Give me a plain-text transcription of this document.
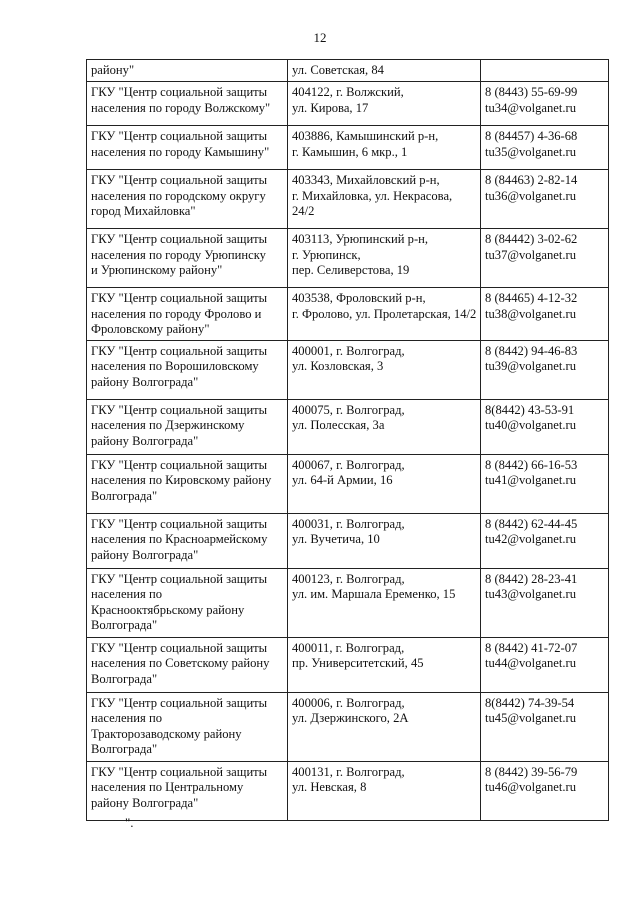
12
районy"	ул. Советская, 84	

ГКУ "Центр социальной защиты
населения по городу Волжскому"	404122, г. Волжский,
ул. Кирова, 17	8 (8443) 55-69-99
tu34@volganet.ru

ГКУ "Центр социальной защиты
населения по городу Камышину"	403886, Камышинский р-н,
г. Камышин, 6 мкр., 1	8 (84457) 4-36-68
tu35@volganet.ru

ГКУ "Центр социальной защиты
населения по городскому округу
город Михайловка"	403343, Михайловский р-н,
г. Михайловка, ул. Некрасова,
24/2	8 (84463) 2-82-14
tu36@volganet.ru

ГКУ "Центр социальной защиты
населения по городу Урюпинску
и Урюпинскому району"	403113, Урюпинский р-н,
г. Урюпинск,
пер. Селиверстова, 19	8 (84442) 3-02-62
tu37@volganet.ru

ГКУ "Центр социальной защиты
населения по городу Фролово и
Фроловскому району"	403538, Фроловский р-н,
г. Фролово, ул. Пролетарская, 14/2	8 (84465) 4-12-32
tu38@volganet.ru

ГКУ "Центр социальной защиты
населения по Ворошиловскому
району Волгограда"	400001, г. Волгоград,
ул. Козловская, 3	8 (8442) 94-46-83
tu39@volganet.ru

ГКУ "Центр социальной защиты
населения по Дзержинскому
району Волгограда"	400075, г. Волгоград,
ул. Полесская, 3а	8(8442) 43-53-91
tu40@volganet.ru

ГКУ "Центр социальной защиты
населения по Кировскому району
Волгограда"	400067, г. Волгоград,
ул. 64-й Армии, 16	8 (8442) 66-16-53
tu41@volganet.ru

ГКУ "Центр социальной защиты
населения по Красноармейскому
району Волгограда"	400031, г. Волгоград,
ул. Вучетича, 10	8 (8442) 62-44-45
tu42@volganet.ru

ГКУ "Центр социальной защиты
населения по
Краснооктябрьскому району
Волгограда"	400123, г. Волгоград,
ул. им. Маршала Еременко, 15	8 (8442) 28-23-41
tu43@volganet.ru

ГКУ "Центр социальной защиты
населения по Советскому району
Волгограда"	400011, г. Волгоград,
пр. Университетский, 45	8 (8442) 41-72-07
tu44@volganet.ru

ГКУ "Центр социальной защиты
населения по
Тракторозаводскому району
Волгограда"	400006, г. Волгоград,
ул. Дзержинского, 2А	8(8442) 74-39-54
tu45@volganet.ru

ГКУ "Центр социальной защиты
населения по Центральному
району Волгограда"	400131, г. Волгоград,
ул. Невская, 8	8 (8442) 39-56-79
tu46@volganet.ru
".
